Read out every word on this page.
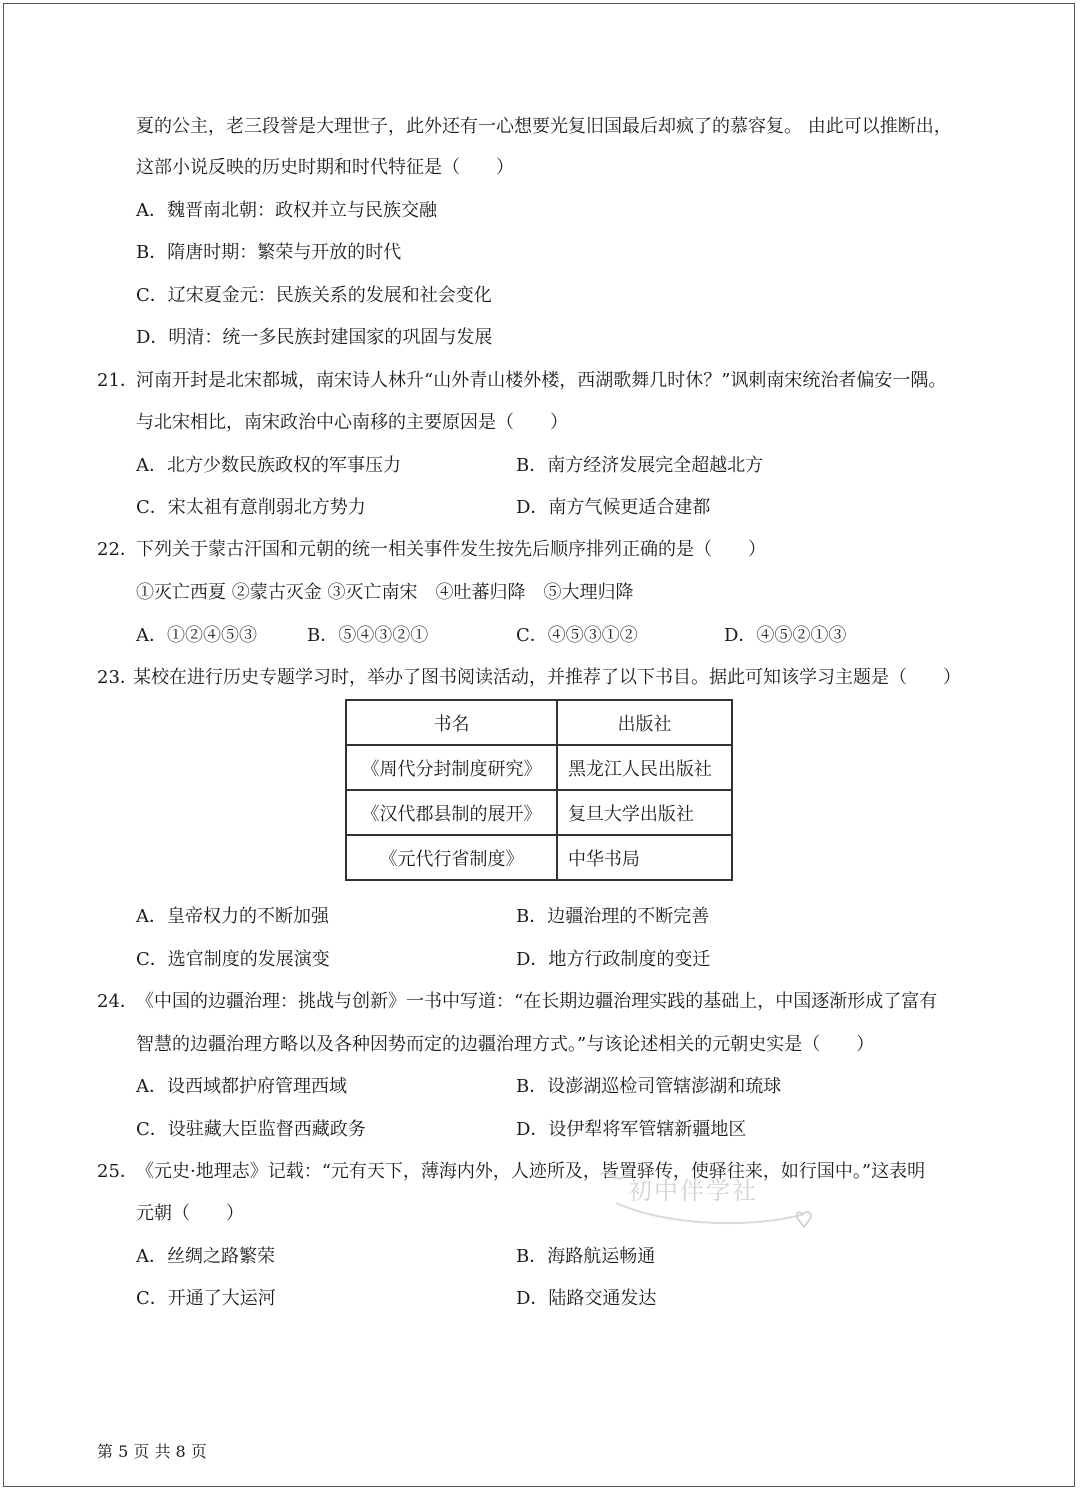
夏的公主，老三段誉是大理世子，此外还有一心想要光复旧国最后却疯了的慕容复。 由此可以推断出，
这部小说反映的历史时期和时代特征是（　　）
A．魏晋南北朝：政权并立与民族交融
B．隋唐时期：繁荣与开放的时代
C．辽宋夏金元：民族关系的发展和社会变化
D．明清：统一多民族封建国家的巩固与发展
21．
河南开封是北宋都城，南宋诗人林升“山外青山楼外楼，西湖歌舞几时休？”讽刺南宋统治者偏安一隅。
与北宋相比，南宋政治中心南移的主要原因是（　　）
A．北方少数民族政权的军事压力	B．南方经济发展完全超越北方
C．宋太祖有意削弱北方势力	D．南方气候更适合建都
22．
下列关于蒙古汗国和元朝的统一相关事件发生按先后顺序排列正确的是（　　）
①灭亡西夏 ②蒙古灭金 ③灭亡南宋　④吐蕃归降　⑤大理归降
A．①②④⑤③	B．⑤④③②①	C．④⑤③①②	D．④⑤②①③
23．
某校在进行历史专题学习时，举办了图书阅读活动，并推荐了以下书目。据此可知该学习主题是（　　）
书名	出版社
《周代分封制度研究》	黑龙江人民出版社
《汉代郡县制的展开》	复旦大学出版社
《元代行省制度》	中华书局
A．皇帝权力的不断加强	B．边疆治理的不断完善
C．选官制度的发展演变	D．地方行政制度的变迁
24．
《中国的边疆治理：挑战与创新》一书中写道：“在长期边疆治理实践的基础上，中国逐渐形成了富有
智慧的边疆治理方略以及各种因势而定的边疆治理方式。”与该论述相关的元朝史实是（　　）
A．设西域都护府管理西域	B．设澎湖巡检司管辖澎湖和琉球
C．设驻藏大臣监督西藏政务	D．设伊犁将军管辖新疆地区
25．
《元史·地理志》记载：“元有天下，薄海内外，人迹所及，皆置驿传，使驿往来，如行国中。”这表明
元朝（　　）
A．丝绸之路繁荣	B．海路航运畅通
C．开通了大运河	D．陆路交通发达
初中伴学社
第 5 页 共 8 页
